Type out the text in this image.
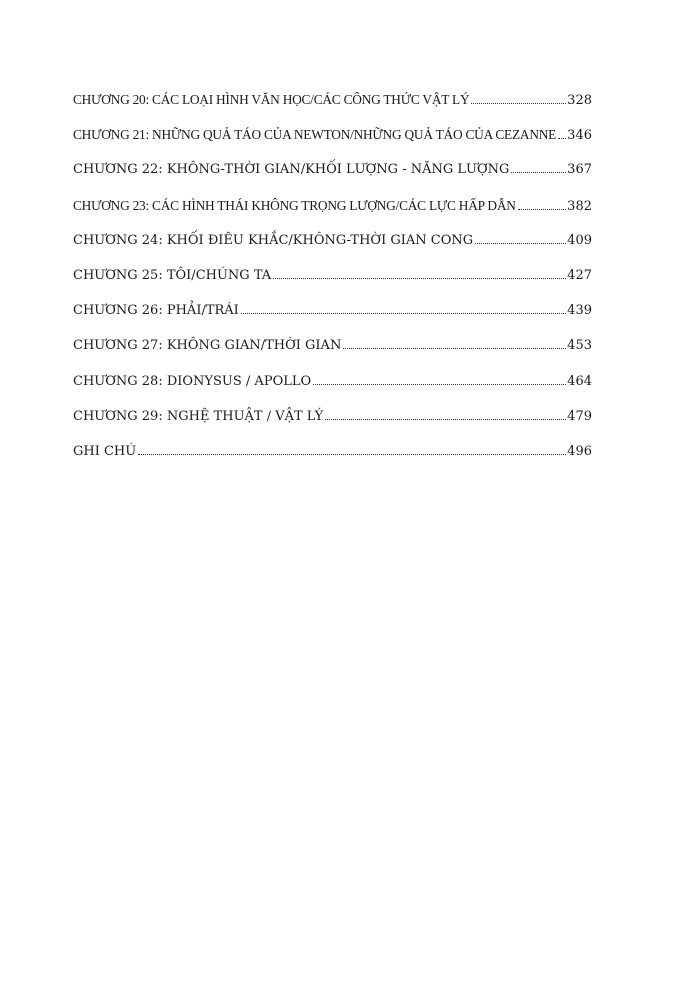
CHƯƠNG 20: CÁC LOẠI HÌNH VĂN HỌC/CÁC CÔNG THỨC VẬT LÝ	328
CHƯƠNG 21: NHỮNG QUẢ TÁO CỦA NEWTON/NHỮNG QUẢ TÁO CỦA CEZANNE 346
CHƯƠNG 22: KHÔNG-THỜI GIAN/KHỐI LƯỢNG - NĂNG LƯỢNG	367
CHƯƠNG 23: CÁC HÌNH THÁI KHÔNG TRỌNG LƯỢNG/CÁC LỰC HẤP DẪN	382
CHƯƠNG 24: KHỐI ĐIÊU KHẮC/KHÔNG-THỜI GIAN CONG	409
CHƯƠNG 25: TÔI/CHÚNG TA	427
CHƯƠNG 26: PHẢI/TRÁI	439
CHƯƠNG 27: KHÔNG GIAN/THỜI GIAN	453
CHƯƠNG 28: DIONYSUS / APOLLO	464
CHƯƠNG 29: NGHỆ THUẬT / VẬT LÝ	479
GHI CHÚ	496
